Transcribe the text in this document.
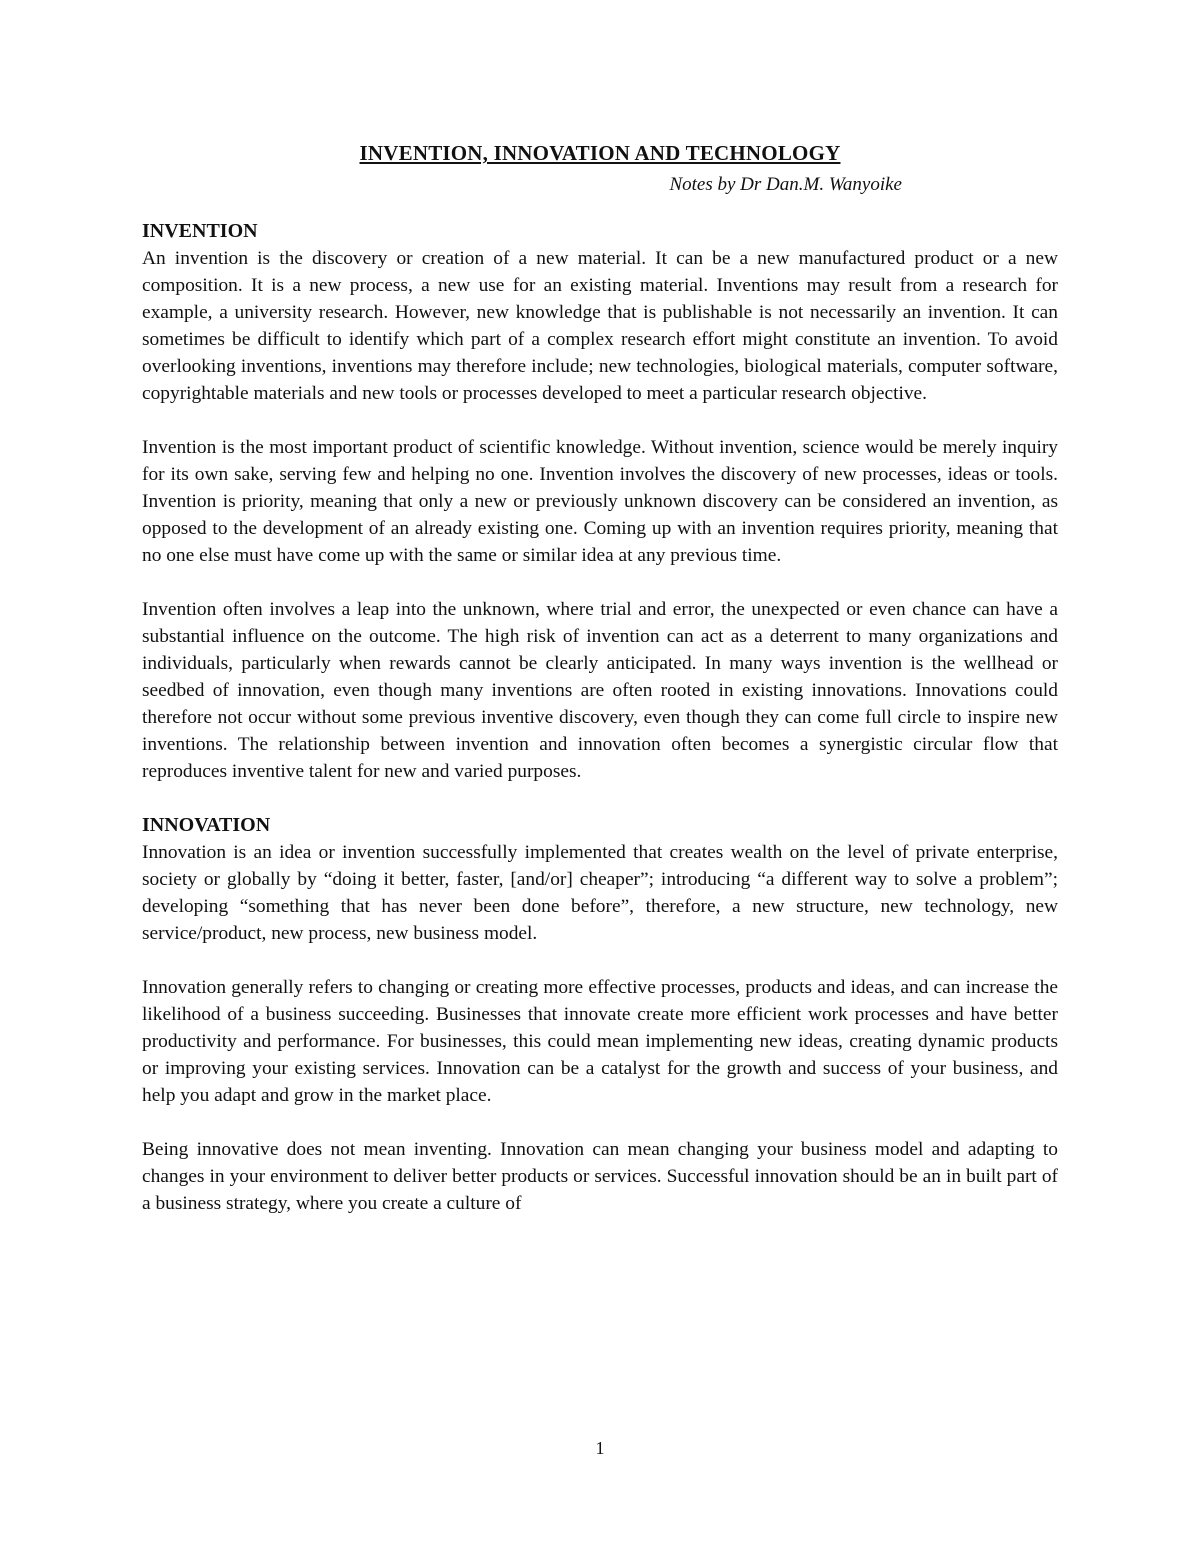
INVENTION, INNOVATION AND TECHNOLOGY
Notes by Dr Dan.M. Wanyoike
INVENTION

An invention is the discovery or creation of a new material. It can be a new manufactured product or a new composition. It is a new process, a new use for an existing material. Inventions may result from a research for example, a university research. However, new knowledge that is publishable is not necessarily an invention. It can sometimes be difficult to identify which part of a complex research effort might constitute an invention. To avoid overlooking inventions, inventions may therefore include; new technologies, biological materials, computer software, copyrightable materials and new tools or processes developed to meet a particular research objective.

Invention is the most important product of scientific knowledge. Without invention, science would be merely inquiry for its own sake, serving few and helping no one. Invention involves the discovery of new processes, ideas or tools. Invention is priority, meaning that only a new or previously unknown discovery can be considered an invention, as opposed to the development of an already existing one. Coming up with an invention requires priority, meaning that no one else must have come up with the same or similar idea at any previous time.

Invention often involves a leap into the unknown, where trial and error, the unexpected or even chance can have a substantial influence on the outcome. The high risk of invention can act as a deterrent to many organizations and individuals, particularly when rewards cannot be clearly anticipated. In many ways invention is the wellhead or seedbed of innovation, even though many inventions are often rooted in existing innovations. Innovations could therefore not occur without some previous inventive discovery, even though they can come full circle to inspire new inventions. The relationship between invention and innovation often becomes a synergistic circular flow that reproduces inventive talent for new and varied purposes.

INNOVATION

Innovation is an idea or invention successfully implemented that creates wealth on the level of private enterprise, society or globally by “doing it better, faster, [and/or] cheaper”; introducing “a different way to solve a problem”; developing “something that has never been done before”, therefore, a new structure, new technology, new service/product, new process, new business model.

Innovation generally refers to changing or creating more effective processes, products and ideas, and can increase the likelihood of a business succeeding. Businesses that innovate create more efficient work processes and have better productivity and performance. For businesses, this could mean implementing new ideas, creating dynamic products or improving your existing services. Innovation can be a catalyst for the growth and success of your business, and help you adapt and grow in the market place.

Being innovative does not mean inventing. Innovation can mean changing your business model and adapting to changes in your environment to deliver better products or services. Successful innovation should be an in built part of a business strategy, where you create a culture of

1
